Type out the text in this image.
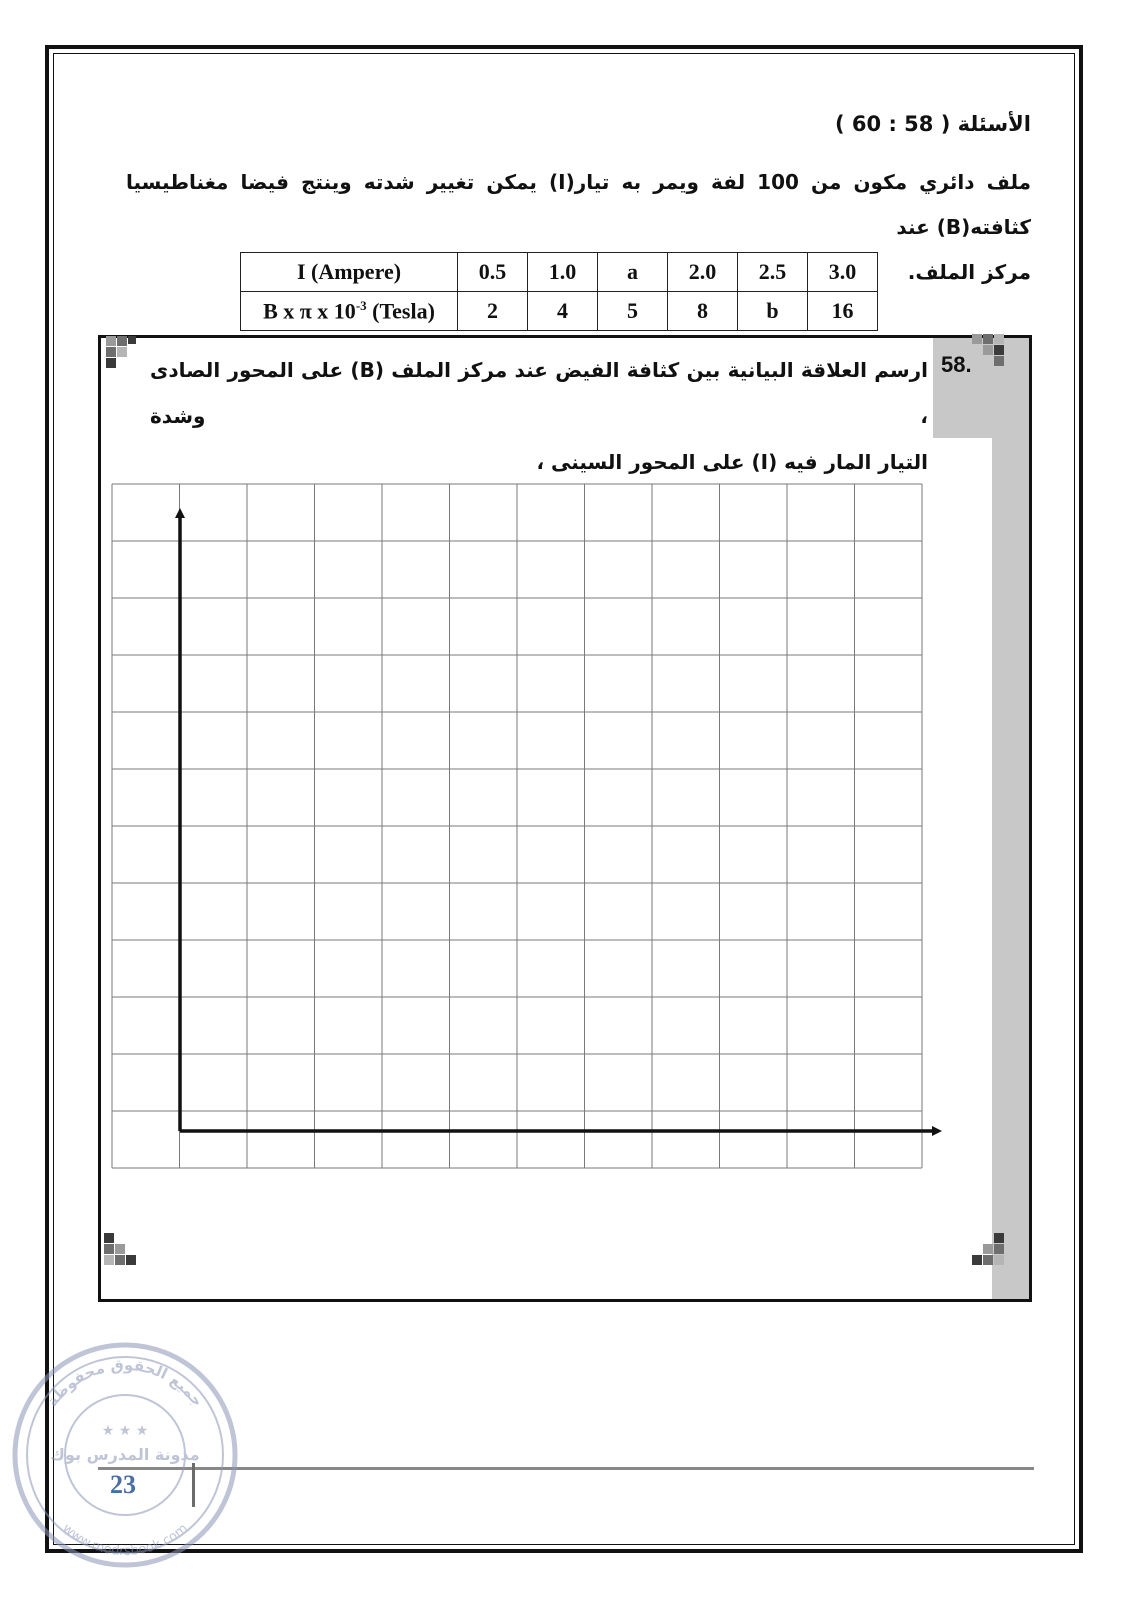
الأسئلة ( 58 : 60 )
ملف دائري مكون من 100 لفة ويمر به تيار(I) يمكن تغيير شدته وينتج فيضا مغناطيسيا كثافته(B) عند
مركز الملف.
I (Ampere)	0.5	1.0	a	2.0	2.5	3.0
B x π x $10^{-3}$ (Tesla)	2	4	5	8	b	16
58.
ارسم العلاقة البيانية بين كثافة الفيض عند مركز الملف (B) على المحور الصادى ، وشدة
التيار المار فيه (I) على المحور السينى ،
23
جميع الحقوق محفوظة
مدونة المدرس بوك
www.modrsbook.com
★ ★ ★
